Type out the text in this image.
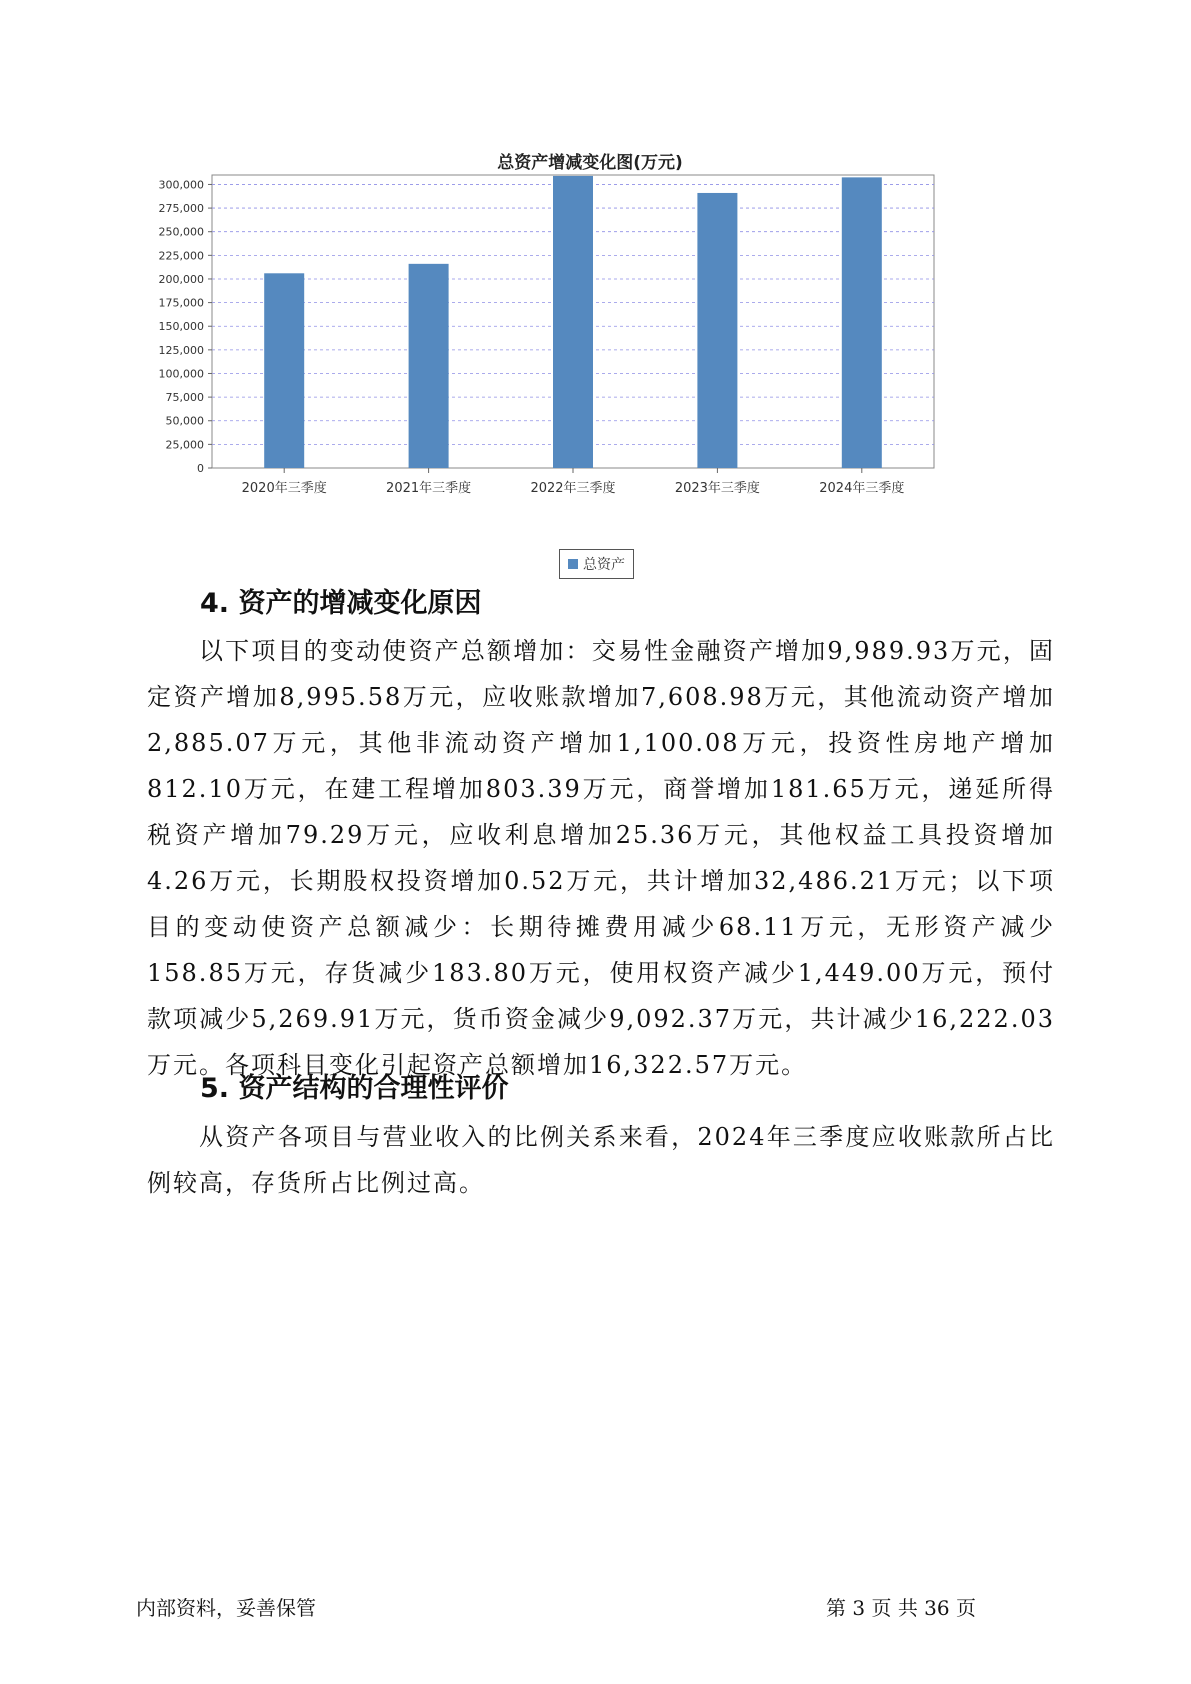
总资产增减变化图(万元)
0
25,000
50,000
75,000
100,000
125,000
150,000
175,000
200,000
225,000
250,000
275,000
300,000
2020年三季度	2021年三季度	2022年三季度	2023年三季度	2024年三季度
总资产
4. 资产的增减变化原因

以下项目的变动使资产总额增加：交易性金融资产增加9,989.93万元，固定资产增加8,995.58万元，应收账款增加7,608.98万元，其他流动资产增加2,885.07万元，其他非流动资产增加1,100.08万元，投资性房地产增加812.10万元，在建工程增加803.39万元，商誉增加181.65万元，递延所得税资产增加79.29万元，应收利息增加25.36万元，其他权益工具投资增加4.26万元，长期股权投资增加0.52万元，共计增加32,486.21万元；以下项目的变动使资产总额减少：长期待摊费用减少68.11万元，无形资产减少158.85万元，存货减少183.80万元，使用权资产减少1,449.00万元，预付款项减少5,269.91万元，货币资金减少9,092.37万元，共计减少16,222.03万元。各项科目变化引起资产总额增加16,322.57万元。

5. 资产结构的合理性评价

从资产各项目与营业收入的比例关系来看，2024年三季度应收账款所占比例较高，存货所占比例过高。

内部资料，妥善保管	第 3 页 共 36 页
